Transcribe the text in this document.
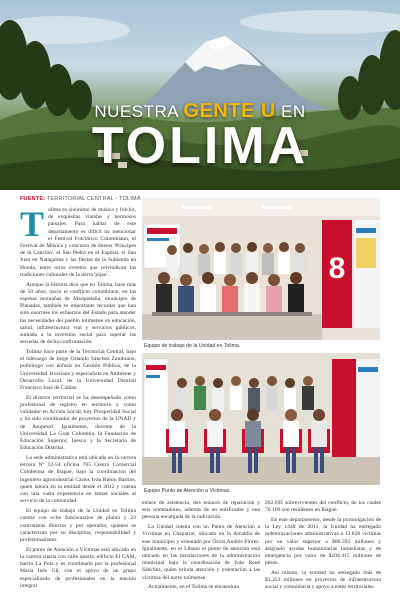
NUESTRA GENTE U EN
TOLIMA
FUENTE: TERRITORIAL CENTRAL - TOLIMA

Tolima es sinónimo de música y folclor, de exquisitas viandas y hermosos paisajes. Para hablar de este departamento es difícil no mencionar el Festival Folclórico Colombiano, el Festival de Música y concurso de duetos 'Príncipes de la Canción', el San Pedro en el Espinal, el San Juan en Natagaima y las fiestas de la Subienda en Honda, entre otros eventos que reivindican las tradiciones culturales de la tierra 'pijao'.

Aunque la historia dice que en Tolima, hace más de 50 años, nació el conflicto colombiano, en las espesas montañas de Marquetalia, municipio de Planadas, también es importante recordar que han sido enormes los esfuerzos del Estado para atender las necesidades del pueblo tolimense en educación, salud, infraestructura vial y servicios públicos, sumada a la inversión social para superar las secuelas de dicha confrontación.

Tolima hace parte de la Territorial Central, bajo el liderazgo de Jorge Orlando Sánchez Zambrano, politólogo con énfasis en Gestión Pública, de la Universidad Javeriana y especialista en Ambiente y Desarrollo Local, de la Universidad Distrital Francisco José de Caldas.

El director territorial se ha desempeñado como profesional de registro en territorio y como validador en Acción Social, hoy Prosperidad Social y ha sido coordinador de proyectos de la UNAD y de Asopesol. Igualmente, docente de la Universidad La Gran Colombia, la Fundación de Educación Superior, Inesco y la Secretaría de Educación Distrital.

La sede administrativa está ubicada en la carrera tercera Nº 12-54 oficina 705 Centro Comercial Combeima de Ibagué, bajo la coordinación del ingeniero agroindustrial Carlos Iván Rubio Barrios, quien labora en la entidad desde el 2012 y cuenta con una vasta experiencia en temas sociales al servicio de la comunidad.

El equipo de trabajo de la Unidad en Tolima cuenta con ocho funcionarios de planta y 22 contratistas directos y por operador, quienes se caracterizan por su disciplina, responsabilidad y profesionalismo.

El punto de Atención a Víctimas está ubicado en la carrera cuarta con calle quarta, edificio El CAM, barrio La Pola y es coordinado por la profesional María Inés Gil, con el apoyo de un grupo especializado de profesionales en la tención integral

8
Equipo de trabajo de la Unidad en Tolima.
Equipo Punto de Atención a Víctimas.

enlace de asistencia, dos enlaces de reparación y seis orientadores, además de un notificador y una persona encargada de la radicación.

La Unidad cuenta con un Punto de Atención a Víctimas en Chaparral, ubicado en la Alcaldía de este municipio y orientado por Óscar Andrés Flórez. Igualmente, en el Líbano el punto de atención está ubicado en las instalaciones de la administración municipal bajo la coordinación de Iván René Sánchez, quien brinda atención y orientación a las víctimas del norte tolimense.

Actualmente, en el Tolima se encuentran

202.695 sobrevivientes del conflicto, de los cuales 70.109 son residentes en Ibagué.

En este departamento, desde la promulgación de la Ley 1448 de 2011, la Unidad ha entregado indemnizaciones administrativas a 12.828 víctimas por un valor superior a $80.592 millones y asignado ayudas humanitarias inmediatas y de emergencia por valor de $104.415 millones de pesos.

Así mismo, la entidad ha entregado más de $1.253 millones en proyectos de infraestructura social y comunitaria y apoyo a entes territoriales.
